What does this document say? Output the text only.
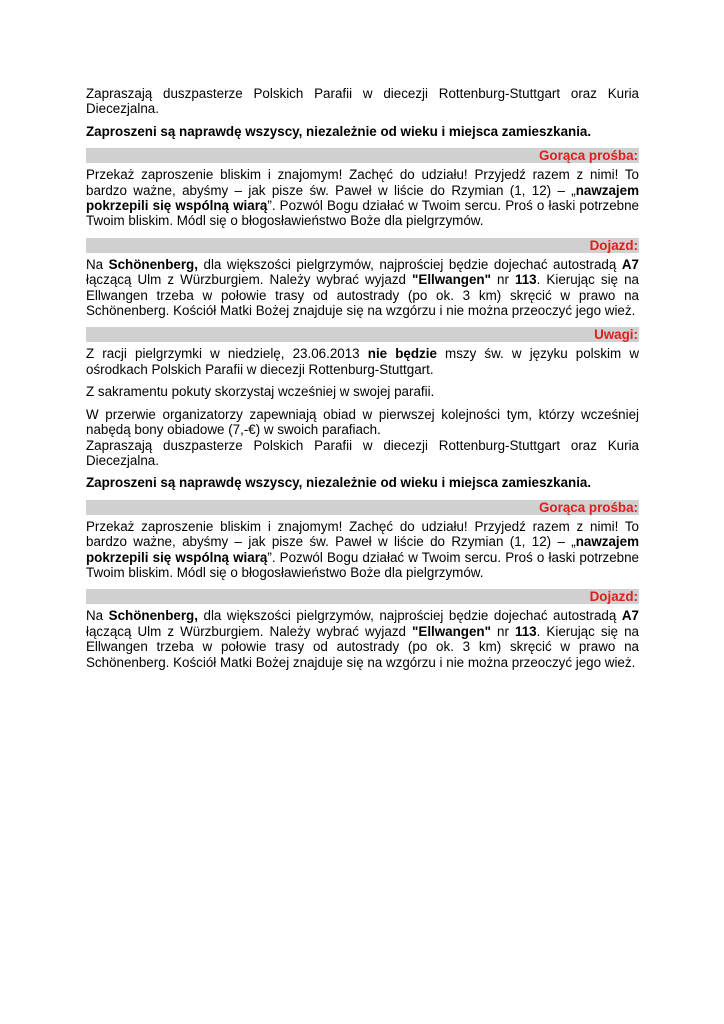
Zapraszają duszpasterze Polskich Parafii w diecezji Rottenburg-Stuttgart oraz Kuria Diecezjalna.

Zaproszeni są naprawdę wszyscy, niezależnie od wieku i miejsca zamieszkania.

Gorąca prośba:

Przekaż zaproszenie bliskim i znajomym! Zachęć do udziału! Przyjedź razem z nimi! To bardzo ważne, abyśmy – jak pisze św. Paweł w liście do Rzymian (1, 12) – „nawzajem pokrzepili się wspólną wiarą”. Pozwól Bogu działać w Twoim sercu. Proś o łaski potrzebne Twoim bliskim. Módl się o błogosławieństwo Boże dla pielgrzymów.

Dojazd:

Na Schönenberg, dla większości pielgrzymów, najprościej będzie dojechać autostradą A7 łączącą Ulm z Würzburgiem. Należy wybrać wyjazd "Ellwangen" nr 113. Kierując się na Ellwangen trzeba w połowie trasy od autostrady (po ok. 3 km) skręcić w prawo na Schönenberg. Kościół Matki Bożej znajduje się na wzgórzu i nie można przeoczyć jego wież.

Uwagi:

Z racji pielgrzymki w niedzielę, 23.06.2013 nie będzie mszy św. w języku polskim w ośrodkach Polskich Parafii w diecezji Rottenburg-Stuttgart.

Z sakramentu pokuty skorzystaj wcześniej w swojej parafii.

W przerwie organizatorzy zapewniają obiad w pierwszej kolejności tym, którzy wcześniej nabędą bony obiadowe (7,-€) w swoich parafiach.

Zapraszają duszpasterze Polskich Parafii w diecezji Rottenburg-Stuttgart oraz Kuria Diecezjalna.

Zaproszeni są naprawdę wszyscy, niezależnie od wieku i miejsca zamieszkania.

Gorąca prośba:

Przekaż zaproszenie bliskim i znajomym! Zachęć do udziału! Przyjedź razem z nimi! To bardzo ważne, abyśmy – jak pisze św. Paweł w liście do Rzymian (1, 12) – „nawzajem pokrzepili się wspólną wiarą”. Pozwól Bogu działać w Twoim sercu. Proś o łaski potrzebne Twoim bliskim. Módl się o błogosławieństwo Boże dla pielgrzymów.

Dojazd:

Na Schönenberg, dla większości pielgrzymów, najprościej będzie dojechać autostradą A7 łączącą Ulm z Würzburgiem. Należy wybrać wyjazd "Ellwangen" nr 113. Kierując się na Ellwangen trzeba w połowie trasy od autostrady (po ok. 3 km) skręcić w prawo na Schönenberg. Kościół Matki Bożej znajduje się na wzgórzu i nie można przeoczyć jego wież.
